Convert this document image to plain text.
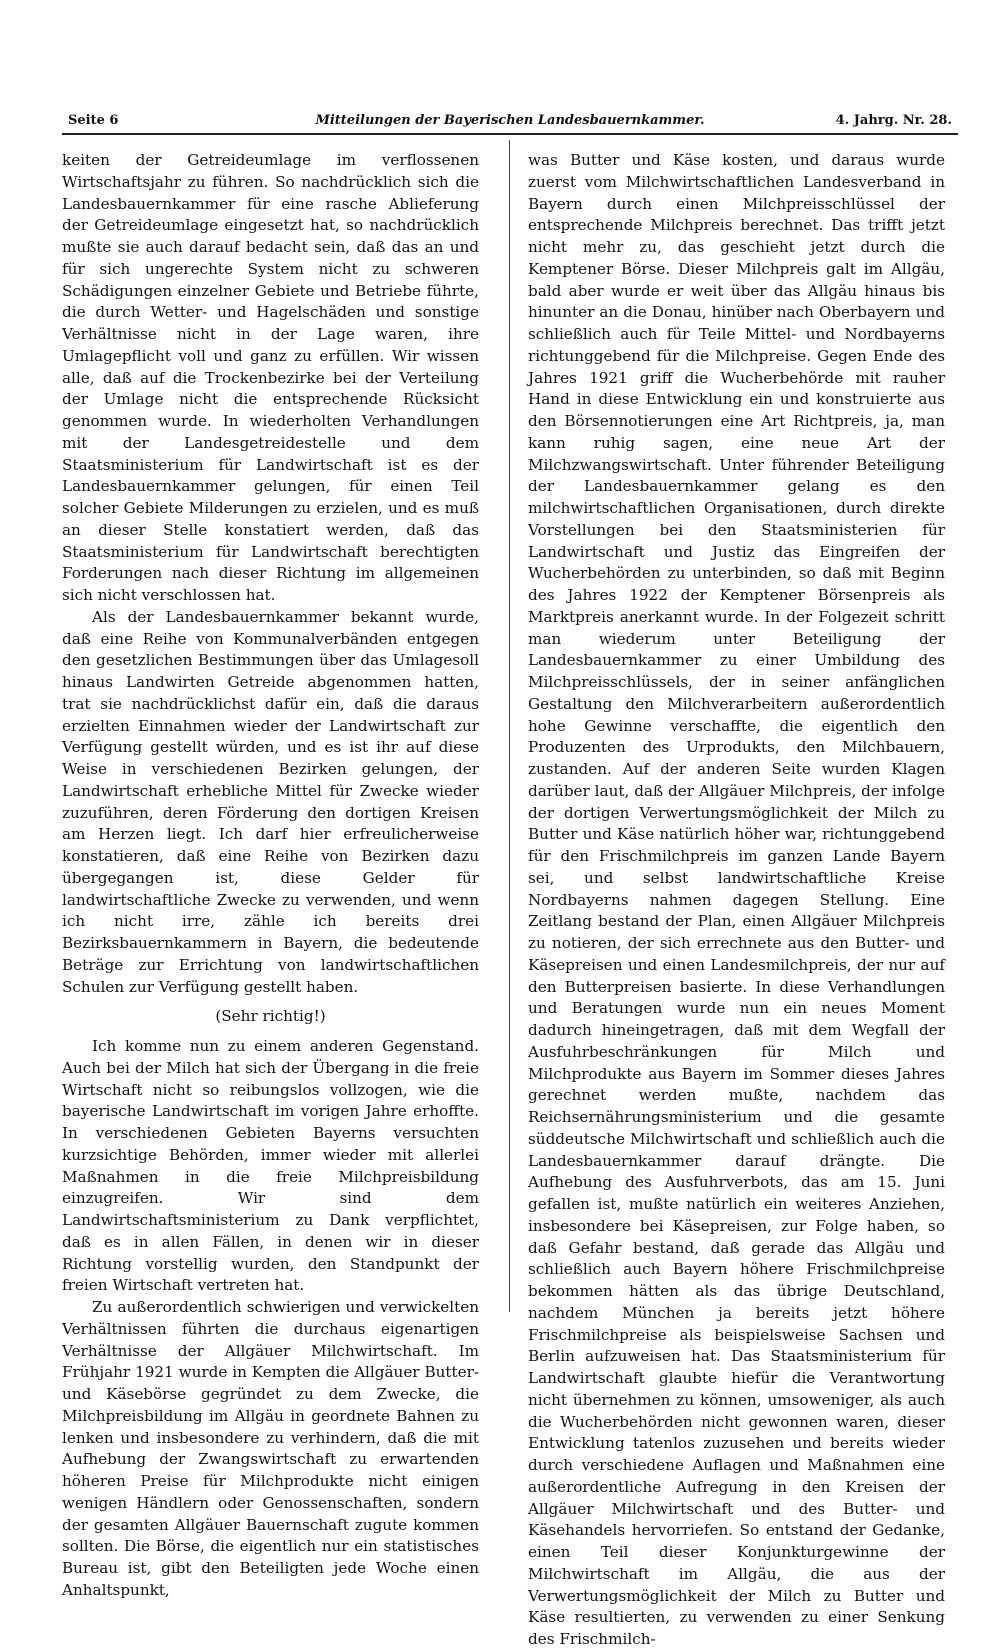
Seite 6	Mitteilungen der Bayerischen Landesbauernkammer.	4. Jahrg. Nr. 28.

keiten der Getreideumlage im verflossenen Wirtschaftsjahr zu führen. So nachdrücklich sich die Landesbauernkammer für eine rasche Ablieferung der Getreideumlage eingesetzt hat, so nachdrücklich mußte sie auch darauf bedacht sein, daß das an und für sich ungerechte System nicht zu schweren Schädigungen einzelner Gebiete und Betriebe führte, die durch Wetter- und Hagelschäden und sonstige Verhältnisse nicht in der Lage waren, ihre Umlagepflicht voll und ganz zu erfüllen. Wir wissen alle, daß auf die Trockenbezirke bei der Verteilung der Umlage nicht die entsprechende Rücksicht genommen wurde. In wiederholten Verhandlungen mit der Landesgetreidestelle und dem Staatsministerium für Landwirtschaft ist es der Landesbauernkammer gelungen, für einen Teil solcher Gebiete Milderungen zu erzielen, und es muß an dieser Stelle konstatiert werden, daß das Staatsministerium für Landwirtschaft berechtigten Forderungen nach dieser Richtung im allgemeinen sich nicht verschlossen hat.

Als der Landesbauernkammer bekannt wurde, daß eine Reihe von Kommunalverbänden entgegen den gesetzlichen Bestimmungen über das Umlagesoll hinaus Landwirten Getreide abgenommen hatten, trat sie nachdrücklichst dafür ein, daß die daraus erzielten Einnahmen wieder der Landwirtschaft zur Verfügung gestellt würden, und es ist ihr auf diese Weise in verschiedenen Bezirken gelungen, der Landwirtschaft erhebliche Mittel für Zwecke wieder zuzuführen, deren Förderung den dortigen Kreisen am Herzen liegt. Ich darf hier erfreulicherweise konstatieren, daß eine Reihe von Bezirken dazu übergegangen ist, diese Gelder für landwirtschaftliche Zwecke zu verwenden, und wenn ich nicht irre, zähle ich bereits drei Bezirksbauernkammern in Bayern, die bedeutende Beträge zur Errichtung von landwirtschaftlichen Schulen zur Verfügung gestellt haben.

(Sehr richtig!)

Ich komme nun zu einem anderen Gegenstand. Auch bei der Milch hat sich der Übergang in die freie Wirtschaft nicht so reibungslos vollzogen, wie die bayerische Landwirtschaft im vorigen Jahre erhoffte. In verschiedenen Gebieten Bayerns versuchten kurzsichtige Behörden, immer wieder mit allerlei Maßnahmen in die freie Milchpreisbildung einzugreifen. Wir sind dem Landwirtschaftsministerium zu Dank verpflichtet, daß es in allen Fällen, in denen wir in dieser Richtung vorstellig wurden, den Standpunkt der freien Wirtschaft vertreten hat.

Zu außerordentlich schwierigen und verwickelten Verhältnissen führten die durchaus eigenartigen Verhältnisse der Allgäuer Milchwirtschaft. Im Frühjahr 1921 wurde in Kempten die Allgäuer Butter- und Käsebörse gegründet zu dem Zwecke, die Milchpreisbildung im Allgäu in geordnete Bahnen zu lenken und insbesondere zu verhindern, daß die mit Aufhebung der Zwangswirtschaft zu erwartenden höheren Preise für Milchprodukte nicht einigen wenigen Händlern oder Genossenschaften, sondern der gesamten Allgäuer Bauernschaft zugute kommen sollten. Die Börse, die eigentlich nur ein statistisches Bureau ist, gibt den Beteiligten jede Woche einen Anhaltspunkt,

was Butter und Käse kosten, und daraus wurde zuerst vom Milchwirtschaftlichen Landesverband in Bayern durch einen Milchpreisschlüssel der entsprechende Milchpreis berechnet. Das trifft jetzt nicht mehr zu, das geschieht jetzt durch die Kemptener Börse. Dieser Milchpreis galt im Allgäu, bald aber wurde er weit über das Allgäu hinaus bis hinunter an die Donau, hinüber nach Oberbayern und schließlich auch für Teile Mittel- und Nordbayerns richtunggebend für die Milchpreise. Gegen Ende des Jahres 1921 griff die Wucherbehörde mit rauher Hand in diese Entwicklung ein und konstruierte aus den Börsennotierungen eine Art Richtpreis, ja, man kann ruhig sagen, eine neue Art der Milchzwangswirtschaft. Unter führender Beteiligung der Landesbauernkammer gelang es den milchwirtschaftlichen Organisationen, durch direkte Vorstellungen bei den Staatsministerien für Landwirtschaft und Justiz das Eingreifen der Wucherbehörden zu unterbinden, so daß mit Beginn des Jahres 1922 der Kemptener Börsenpreis als Marktpreis anerkannt wurde. In der Folgezeit schritt man wiederum unter Beteiligung der Landesbauernkammer zu einer Umbildung des Milchpreisschlüssels, der in seiner anfänglichen Gestaltung den Milchverarbeitern außerordentlich hohe Gewinne verschaffte, die eigentlich den Produzenten des Urprodukts, den Milchbauern, zustanden. Auf der anderen Seite wurden Klagen darüber laut, daß der Allgäuer Milchpreis, der infolge der dortigen Verwertungsmöglichkeit der Milch zu Butter und Käse natürlich höher war, richtunggebend für den Frischmilchpreis im ganzen Lande Bayern sei, und selbst landwirtschaftliche Kreise Nordbayerns nahmen dagegen Stellung. Eine Zeitlang bestand der Plan, einen Allgäuer Milchpreis zu notieren, der sich errechnete aus den Butter- und Käsepreisen und einen Landesmilchpreis, der nur auf den Butterpreisen basierte. In diese Verhandlungen und Beratungen wurde nun ein neues Moment dadurch hineingetragen, daß mit dem Wegfall der Ausfuhrbeschränkungen für Milch und Milchprodukte aus Bayern im Sommer dieses Jahres gerechnet werden mußte, nachdem das Reichsernährungsministerium und die gesamte süddeutsche Milchwirtschaft und schließlich auch die Landesbauernkammer darauf drängte. Die Aufhebung des Ausfuhrverbots, das am 15. Juni gefallen ist, mußte natürlich ein weiteres Anziehen, insbesondere bei Käsepreisen, zur Folge haben, so daß Gefahr bestand, daß gerade das Allgäu und schließlich auch Bayern höhere Frischmilchpreise bekommen hätten als das übrige Deutschland, nachdem München ja bereits jetzt höhere Frischmilchpreise als beispielsweise Sachsen und Berlin aufzuweisen hat. Das Staatsministerium für Landwirtschaft glaubte hiefür die Verantwortung nicht übernehmen zu können, umsoweniger, als auch die Wucherbehörden nicht gewonnen waren, dieser Entwicklung tatenlos zuzusehen und bereits wieder durch verschiedene Auflagen und Maßnahmen eine außerordentliche Aufregung in den Kreisen der Allgäuer Milchwirtschaft und des Butter- und Käsehandels hervorriefen. So entstand der Gedanke, einen Teil dieser Konjunkturgewinne der Milchwirtschaft im Allgäu, die aus der Verwertungsmöglichkeit der Milch zu Butter und Käse resultierten, zu verwenden zu einer Senkung des Frischmilch-
